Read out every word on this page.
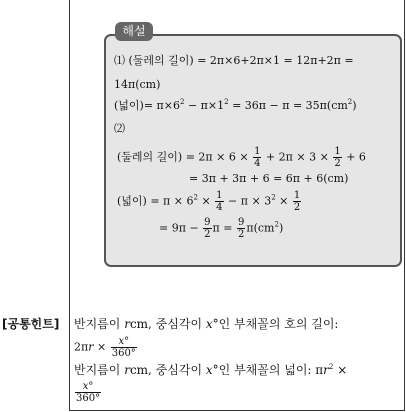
해설
⑴ (둘레의 길이) = 2π×6+2π×1 = 12π+2π =
14π(cm)
(넓이)= $\pi\times 6^2 - \pi\times 1^2 = 36\pi - \pi = 35\pi(cm^2)$
⑵
(둘레의 길이) = $2\pi \times 6 \times \frac{1}{4} + 2\pi \times 3 \times \frac{1}{2} + 6$
= 3π + 3π + 6 = 6π + 6(cm)
(넓이) = $\pi \times 6^2 \times \frac{1}{4} - \pi \times 3^2 \times \frac{1}{2}$
= $9\pi - \frac{9}{2}$ $\pi = \frac{9}{2} \pi(cm^2)$
[공통힌트] 반지름이 rcm, 중심각이 x°인 부채꼴의 호의 길이:
$2\pi r \times \frac{x^\circ}{360^\circ}$
반지름이 rcm, 중심각이 x°인 부채꼴의 넓이: $\pi r^2$ ×
$\frac{x^\circ}{360^\circ}$
